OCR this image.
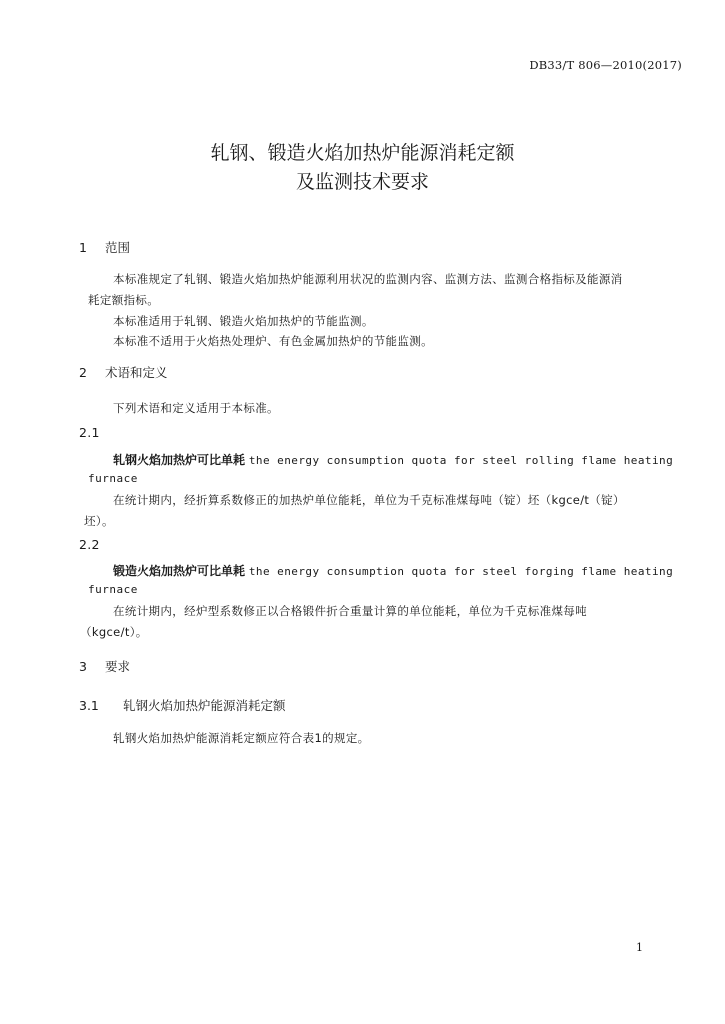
DB33/T 806—2010(2017)
轧钢、锻造火焰加热炉能源消耗定额
及监测技术要求
1 范围
本标准规定了轧钢、锻造火焰加热炉能源利用状况的监测内容、监测方法、监测合格指标及能源消
耗定额指标。
本标准适用于轧钢、锻造火焰加热炉的节能监测。
本标准不适用于火焰热处理炉、有色金属加热炉的节能监测。
2 术语和定义
下列术语和定义适用于本标准。
2.1
轧钢火焰加热炉可比单耗 the energy consumption quota for steel rolling flame heating
furnace
在统计期内，经折算系数修正的加热炉单位能耗，单位为千克标准煤每吨（锭）坯（kgce/t（锭）
坯）。
2.2
锻造火焰加热炉可比单耗 the energy consumption quota for steel forging flame heating
furnace
在统计期内，经炉型系数修正以合格锻件折合重量计算的单位能耗，单位为千克标准煤每吨
（kgce/t）。
3 要求
3.1 轧钢火焰加热炉能源消耗定额
轧钢火焰加热炉能源消耗定额应符合表1的规定。
1
